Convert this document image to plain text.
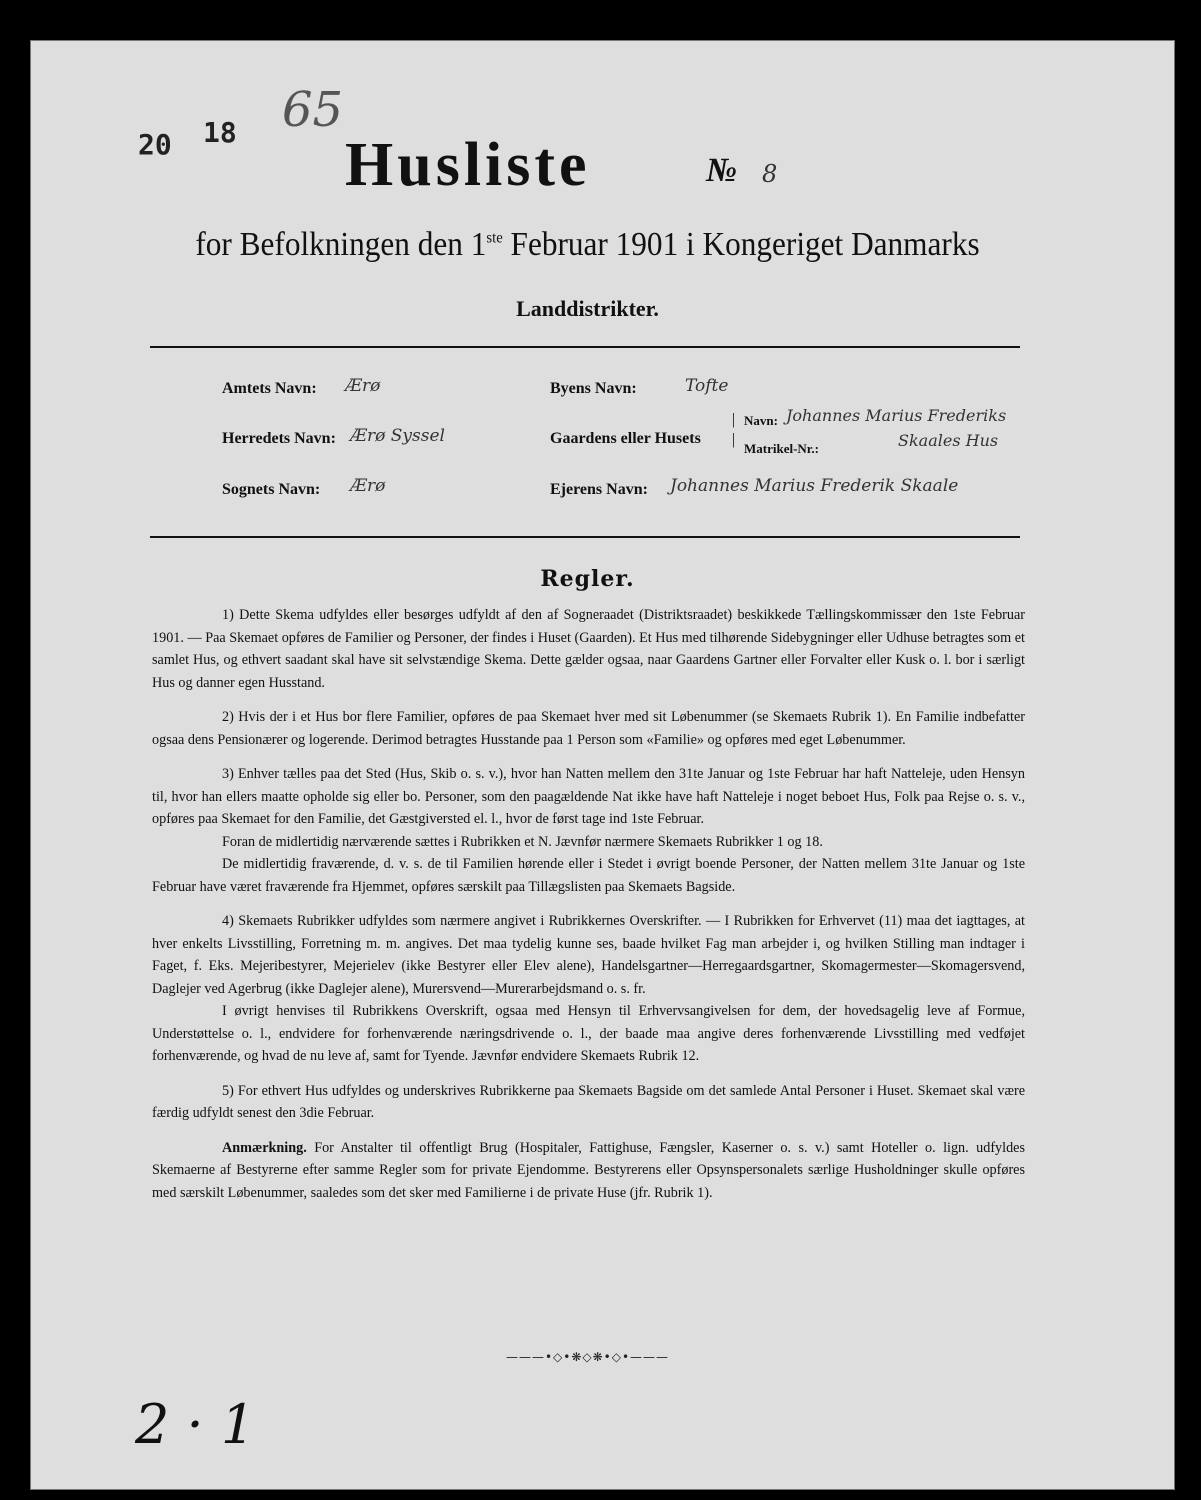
20 18 65
Husliste	№ 8
for Befolkningen den 1ste Februar 1901 i Kongeriget Danmarks
Landdistrikter.
Amtets Navn: Ærø
Herredets Navn: Ærø Syssel
Sognets Navn: Ærø
Byens Navn:	Tofte
Gaardens eller Husets
|
|
Navn: Johannes Marius Frederiks
Matrikel-Nr.:	Skaales Hus
Ejerens Navn: Johannes Marius Frederik Skaale
Regler.

1) Dette Skema udfyldes eller besørges udfyldt af den af Sogneraadet (Distriktsraadet) beskikkede Tællingskommissær den 1ste Februar 1901. — Paa Skemaet opføres de Familier og Personer, der findes i Huset (Gaarden). Et Hus med tilhørende Sidebygninger eller Udhuse betragtes som et samlet Hus, og ethvert saadant skal have sit selvstændige Skema. Dette gælder ogsaa, naar Gaardens Gartner eller Forvalter eller Kusk o. l. bor i særligt Hus og danner egen Husstand.

2) Hvis der i et Hus bor flere Familier, opføres de paa Skemaet hver med sit Løbenummer (se Skemaets Rubrik 1). En Familie indbefatter ogsaa dens Pensionærer og logerende. Derimod betragtes Husstande paa 1 Person som «Familie» og opføres med eget Løbenummer.

3) Enhver tælles paa det Sted (Hus, Skib o. s. v.), hvor han Natten mellem den 31te Januar og 1ste Februar har haft Natteleje, uden Hensyn til, hvor han ellers maatte opholde sig eller bo. Personer, som den paagældende Nat ikke have haft Natteleje i noget beboet Hus, Folk paa Rejse o. s. v., opføres paa Skemaet for den Familie, det Gæstgiversted el. l., hvor de først tage ind 1ste Februar.

Foran de midlertidig nærværende sættes i Rubrikken et N. Jævnfør nærmere Skemaets Rubrikker 1 og 18.

De midlertidig fraværende, d. v. s. de til Familien hørende eller i Stedet i øvrigt boende Personer, der Natten mellem 31te Januar og 1ste Februar have været fraværende fra Hjemmet, opføres særskilt paa Tillægslisten paa Skemaets Bagside.

4) Skemaets Rubrikker udfyldes som nærmere angivet i Rubrikkernes Overskrifter. — I Rubrikken for Erhvervet (11) maa det iagttages, at hver enkelts Livsstilling, Forretning m. m. angives. Det maa tydelig kunne ses, baade hvilket Fag man arbejder i, og hvilken Stilling man indtager i Faget, f. Eks. Mejeribestyrer, Mejerielev (ikke Bestyrer eller Elev alene), Handelsgartner—Herregaardsgartner, Skomagermester—Skomagersvend, Daglejer ved Agerbrug (ikke Daglejer alene), Murersvend—Murerarbejdsmand o. s. fr.

I øvrigt henvises til Rubrikkens Overskrift, ogsaa med Hensyn til Erhvervsangivelsen for dem, der hovedsagelig leve af Formue, Understøttelse o. l., endvidere for forhenværende næringsdrivende o. l., der baade maa angive deres forhenværende Livsstilling med vedføjet forhenværende, og hvad de nu leve af, samt for Tyende. Jævnfør endvidere Skemaets Rubrik 12.

5) For ethvert Hus udfyldes og underskrives Rubrikkerne paa Skemaets Bagside om det samlede Antal Personer i Huset. Skemaet skal være færdig udfyldt senest den 3die Februar.

Anmærkning. For Anstalter til offentligt Brug (Hospitaler, Fattighuse, Fængsler, Kaserner o. s. v.) samt Hoteller o. lign. udfyldes Skemaerne af Bestyrerne efter samme Regler som for private Ejendomme. Bestyrerens eller Opsynspersonalets særlige Husholdninger skulle opføres med særskilt Løbenummer, saaledes som det sker med Familierne i de private Huse (jfr. Rubrik 1).

———•◇•❋◇❋•◇•———
2 · 1
